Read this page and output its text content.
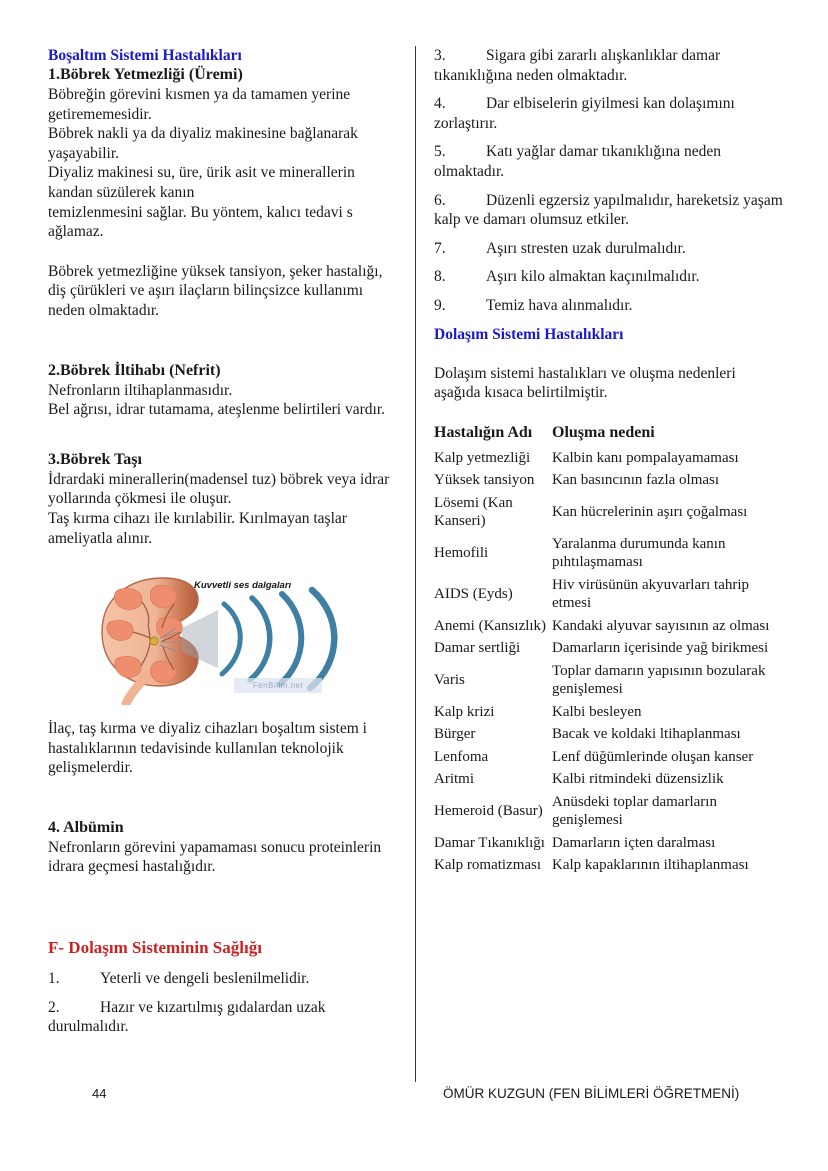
Boşaltım Sistemi Hastalıkları
1.Böbrek Yetmezliği (Üremi)
Böbreğin görevini kısmen ya da tamamen yerine getirememesidir.
Böbrek nakli ya da diyaliz makinesine bağlanarak yaşayabilir.
Diyaliz makinesi su, üre, ürik asit ve minerallerin kandan süzülerek kanın
temizlenmesini sağlar. Bu yöntem, kalıcı tedavi s ağlamaz.
Böbrek yetmezliğine yüksek tansiyon, şeker hastalığı, diş çürükleri ve aşırı ilaçların bilinçsizce kullanımı neden olmaktadır.
2.Böbrek İltihabı (Nefrit)
Nefronların iltihaplanmasıdır.
Bel ağrısı, idrar tutamama, ateşlenme belirtileri vardır.
3.Böbrek Taşı
İdrardaki minerallerin(madensel tuz) böbrek veya idrar yollarında çökmesi ile oluşur.
Taş kırma cihazı ile kırılabilir. Kırılmayan taşlar ameliyatla alınır.
Kuvvetli ses dalgaları
FenBilim.net
İlaç, taş kırma ve diyaliz cihazları boşaltım sistem i hastalıklarının tedavisinde kullanılan teknolojik gelişmelerdir.
4. Albümin
Nefronların görevini yapamaması sonucu proteinlerin idrara geçmesi hastalığıdır.
F- Dolaşım Sisteminin Sağlığı
1.	Yeterli ve dengeli beslenilmelidir.
2.	Hazır ve kızartılmış gıdalardan uzak durulmalıdır.
3.	Sigara gibi zararlı alışkanlıklar damar tıkanıklığına neden olmaktadır.
4.	Dar elbiselerin giyilmesi kan dolaşımını zorlaştırır.
5.	Katı yağlar damar tıkanıklığına neden olmaktadır.
6.	Düzenli egzersiz yapılmalıdır, hareketsiz yaşam kalp ve damarı olumsuz etkiler.
7.	Aşırı stresten uzak durulmalıdır.
8.	Aşırı kilo almaktan kaçınılmalıdır.
9.	Temiz hava alınmalıdır.
Dolaşım Sistemi Hastalıkları
Dolaşım sistemi hastalıkları ve oluşma nedenleri aşağıda kısaca belirtilmiştir.
Hastalığın Adı Oluşma nedeni
Kalp yetmezliği	Kalbin kanı pompalayamaması
Yüksek tansiyon	Kan basıncının fazla olması
Lösemi (Kan Kanseri)	Kan hücrelerinin aşırı çoğalması
Hemofili	Yaralanma durumunda kanın pıhtılaşmaması
AIDS (Eyds)	Hiv virüsünün akyuvarları tahrip etmesi
Anemi (Kansızlık)	Kandaki alyuvar sayısının az olması
Damar sertliği	Damarların içerisinde yağ birikmesi
Varis	Toplar damarın yapısının bozularak genişlemesi
Kalp krizi	Kalbi besleyen
Bürger	Bacak ve koldaki ltihaplanması
Lenfoma	Lenf düğümlerinde oluşan kanser
Aritmi	Kalbi ritmindeki düzensizlik
Hemeroid (Basur)	Anüsdeki toplar damarların genişlemesi
Damar Tıkanıklığı	Damarların içten daralması
Kalp romatizması	Kalp kapaklarının iltihaplanması
44	ÖMÜR KUZGUN (FEN BİLİMLERİ ÖĞRETMENİ)
